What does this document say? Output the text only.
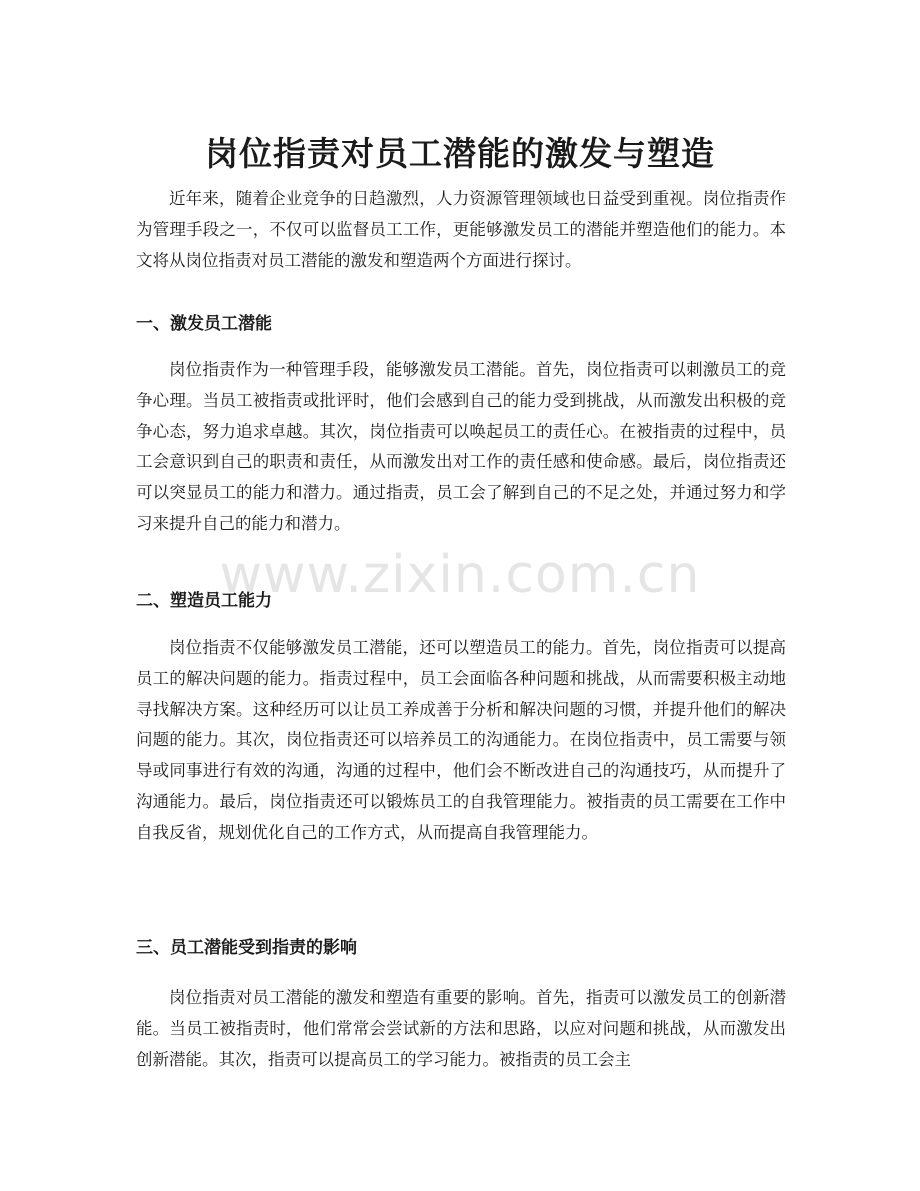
岗位指责对员工潜能的激发与塑造

近年来，随着企业竞争的日趋激烈，人力资源管理领域也日益受到重视。岗位指责作为管理手段之一，不仅可以监督员工工作，更能够激发员工的潜能并塑造他们的能力。本文将从岗位指责对员工潜能的激发和塑造两个方面进行探讨。

一、激发员工潜能

岗位指责作为一种管理手段，能够激发员工潜能。首先，岗位指责可以刺激员工的竞争心理。当员工被指责或批评时，他们会感到自己的能力受到挑战，从而激发出积极的竞争心态，努力追求卓越。其次，岗位指责可以唤起员工的责任心。在被指责的过程中，员工会意识到自己的职责和责任，从而激发出对工作的责任感和使命感。最后，岗位指责还可以突显员工的能力和潜力。通过指责，员工会了解到自己的不足之处，并通过努力和学习来提升自己的能力和潜力。

二、塑造员工能力

岗位指责不仅能够激发员工潜能，还可以塑造员工的能力。首先，岗位指责可以提高员工的解决问题的能力。指责过程中，员工会面临各种问题和挑战，从而需要积极主动地寻找解决方案。这种经历可以让员工养成善于分析和解决问题的习惯，并提升他们的解决问题的能力。其次，岗位指责还可以培养员工的沟通能力。在岗位指责中，员工需要与领导或同事进行有效的沟通，沟通的过程中，他们会不断改进自己的沟通技巧，从而提升了沟通能力。最后，岗位指责还可以锻炼员工的自我管理能力。被指责的员工需要在工作中自我反省，规划优化自己的工作方式，从而提高自我管理能力。

三、员工潜能受到指责的影响

岗位指责对员工潜能的激发和塑造有重要的影响。首先，指责可以激发员工的创新潜能。当员工被指责时，他们常常会尝试新的方法和思路，以应对问题和挑战，从而激发出创新潜能。其次，指责可以提高员工的学习能力。被指责的员工会主

www.zixin.com.cn
